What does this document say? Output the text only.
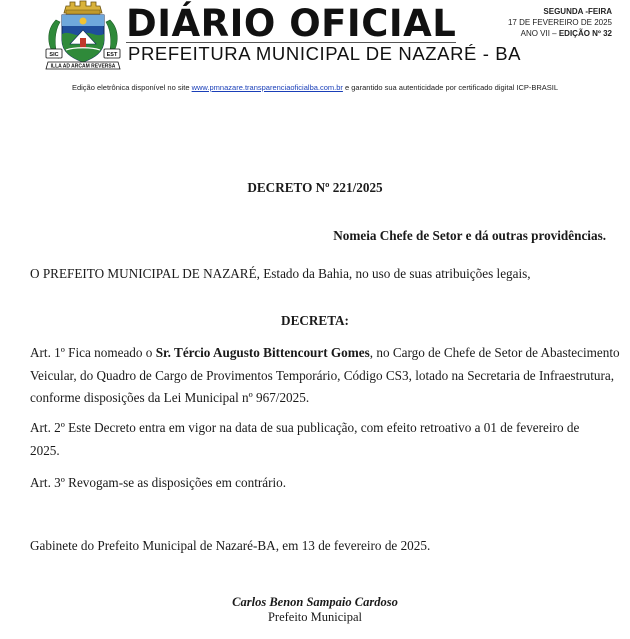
SIC	EST
ILLA AD ARCAM REVERSA
DIÁRIO OFICIAL
PREFEITURA MUNICIPAL DE NAZARÉ - BA
SEGUNDA -FEIRA
17 DE FEVEREIRO DE 2025
ANO VII – EDIÇÃO Nº 32
Edição eletrônica disponível no site www.pmnazare.transparenciaoficialba.com.br e garantido sua autenticidade por certificado digital ICP-BRASIL
DECRETO Nº 221/2025
Nomeia Chefe de Setor e dá outras providências.
O PREFEITO MUNICIPAL DE NAZARÉ, Estado da Bahia, no uso de suas atribuições legais,
DECRETA:
Art. 1º Fica nomeado o Sr. Tércio Augusto Bittencourt Gomes, no Cargo de Chefe de Setor de Abastecimento
Veicular, do Quadro de Cargo de Provimentos Temporário, Código CS3, lotado na Secretaria de Infraestrutura,
conforme disposições da Lei Municipal nº 967/2025.
Art. 2º Este Decreto entra em vigor na data de sua publicação, com efeito retroativo a 01 de fevereiro de
2025.
Art. 3º Revogam-se as disposições em contrário.
Gabinete do Prefeito Municipal de Nazaré-BA, em 13 de fevereiro de 2025.
Carlos Benon Sampaio Cardoso
Prefeito Municipal
